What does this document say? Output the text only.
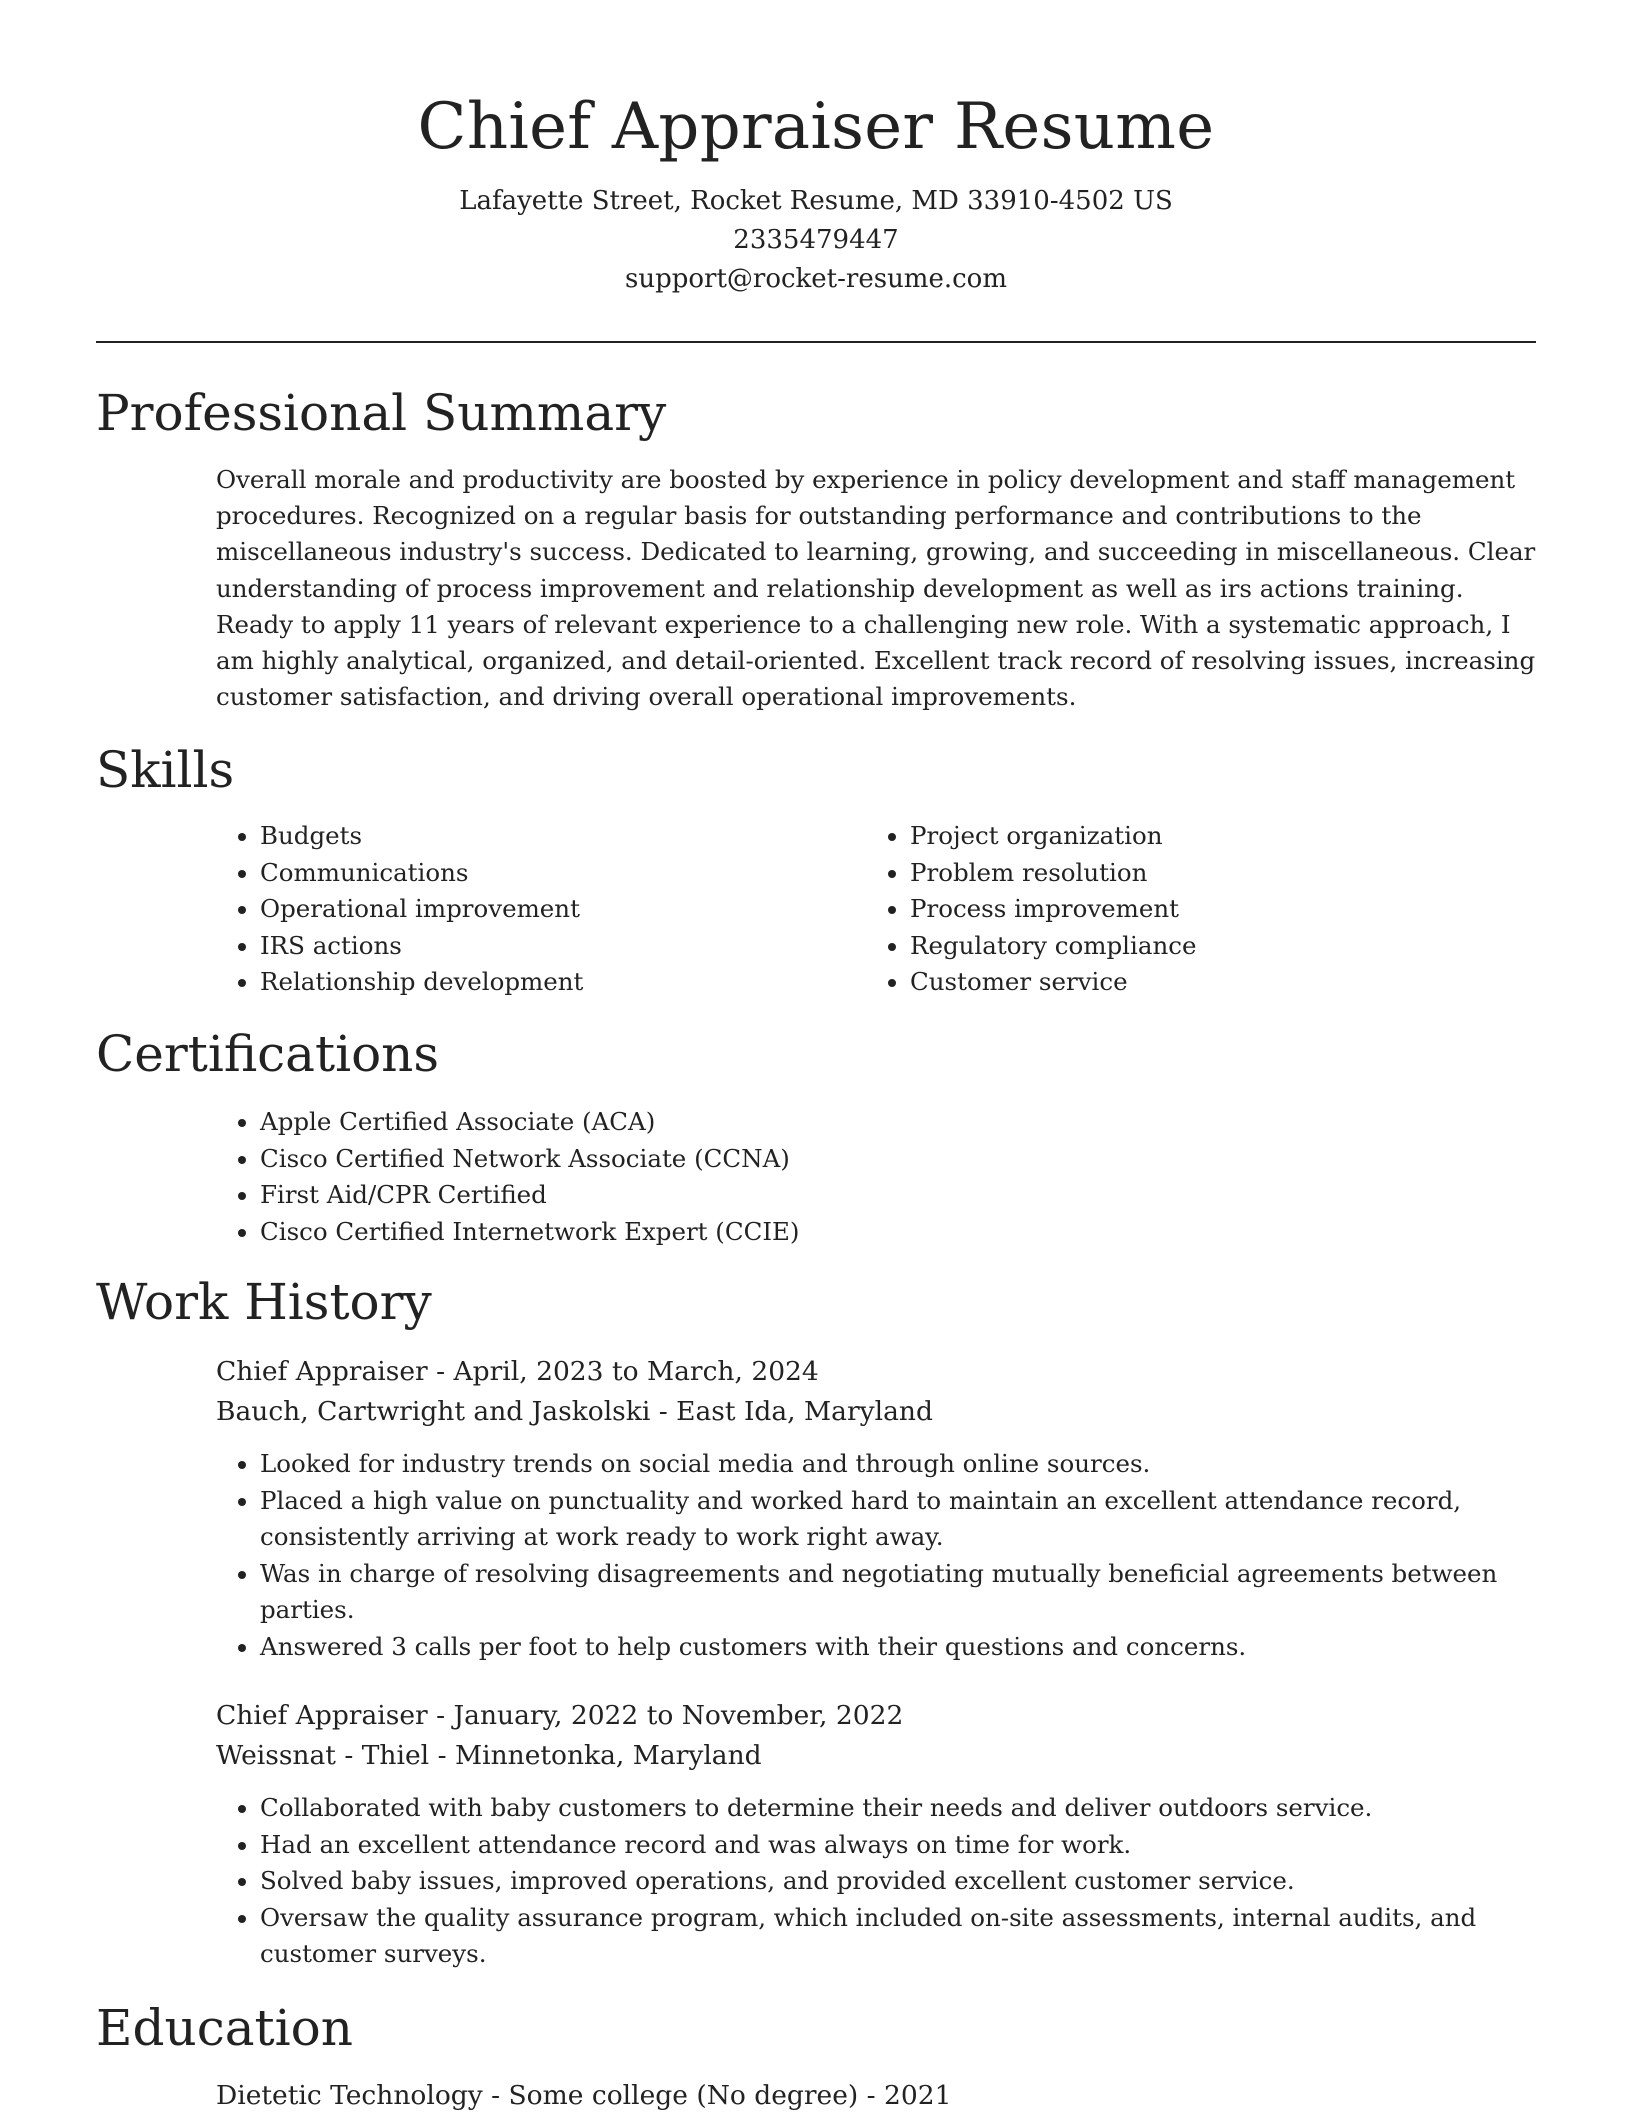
Chief Appraiser Resume
Lafayette Street, Rocket Resume, MD 33910-4502 US
2335479447
support@rocket-resume.com
Professional Summary

Overall morale and productivity are boosted by experience in policy development and staff management procedures. Recognized on a regular basis for outstanding performance and contributions to the miscellaneous industry's success. Dedicated to learning, growing, and succeeding in miscellaneous. Clear understanding of process improvement and relationship development as well as irs actions training. Ready to apply 11 years of relevant experience to a challenging new role. With a systematic approach, I am highly analytical, organized, and detail-oriented. Excellent track record of resolving issues, increasing customer satisfaction, and driving overall operational improvements.

Skills
• Budgets
• Communications
• Operational improvement
• IRS actions
• Relationship development
• Project organization
• Problem resolution
• Process improvement
• Regulatory compliance
• Customer service
Certifications
• Apple Certified Associate (ACA)
• Cisco Certified Network Associate (CCNA)
• First Aid/CPR Certified
• Cisco Certified Internetwork Expert (CCIE)
Work History
Chief Appraiser - April, 2023 to March, 2024
Bauch, Cartwright and Jaskolski - East Ida, Maryland
• Looked for industry trends on social media and through online sources.
• Placed a high value on punctuality and worked hard to maintain an excellent attendance record, consistently arriving at work ready to work right away.
• Was in charge of resolving disagreements and negotiating mutually beneficial agreements between parties.
• Answered 3 calls per foot to help customers with their questions and concerns.
Chief Appraiser - January, 2022 to November, 2022
Weissnat - Thiel - Minnetonka, Maryland
• Collaborated with baby customers to determine their needs and deliver outdoors service.
• Had an excellent attendance record and was always on time for work.
• Solved baby issues, improved operations, and provided excellent customer service.
• Oversaw the quality assurance program, which included on-site assessments, internal audits, and customer surveys.
Education
Dietetic Technology - Some college (No degree) - 2021
